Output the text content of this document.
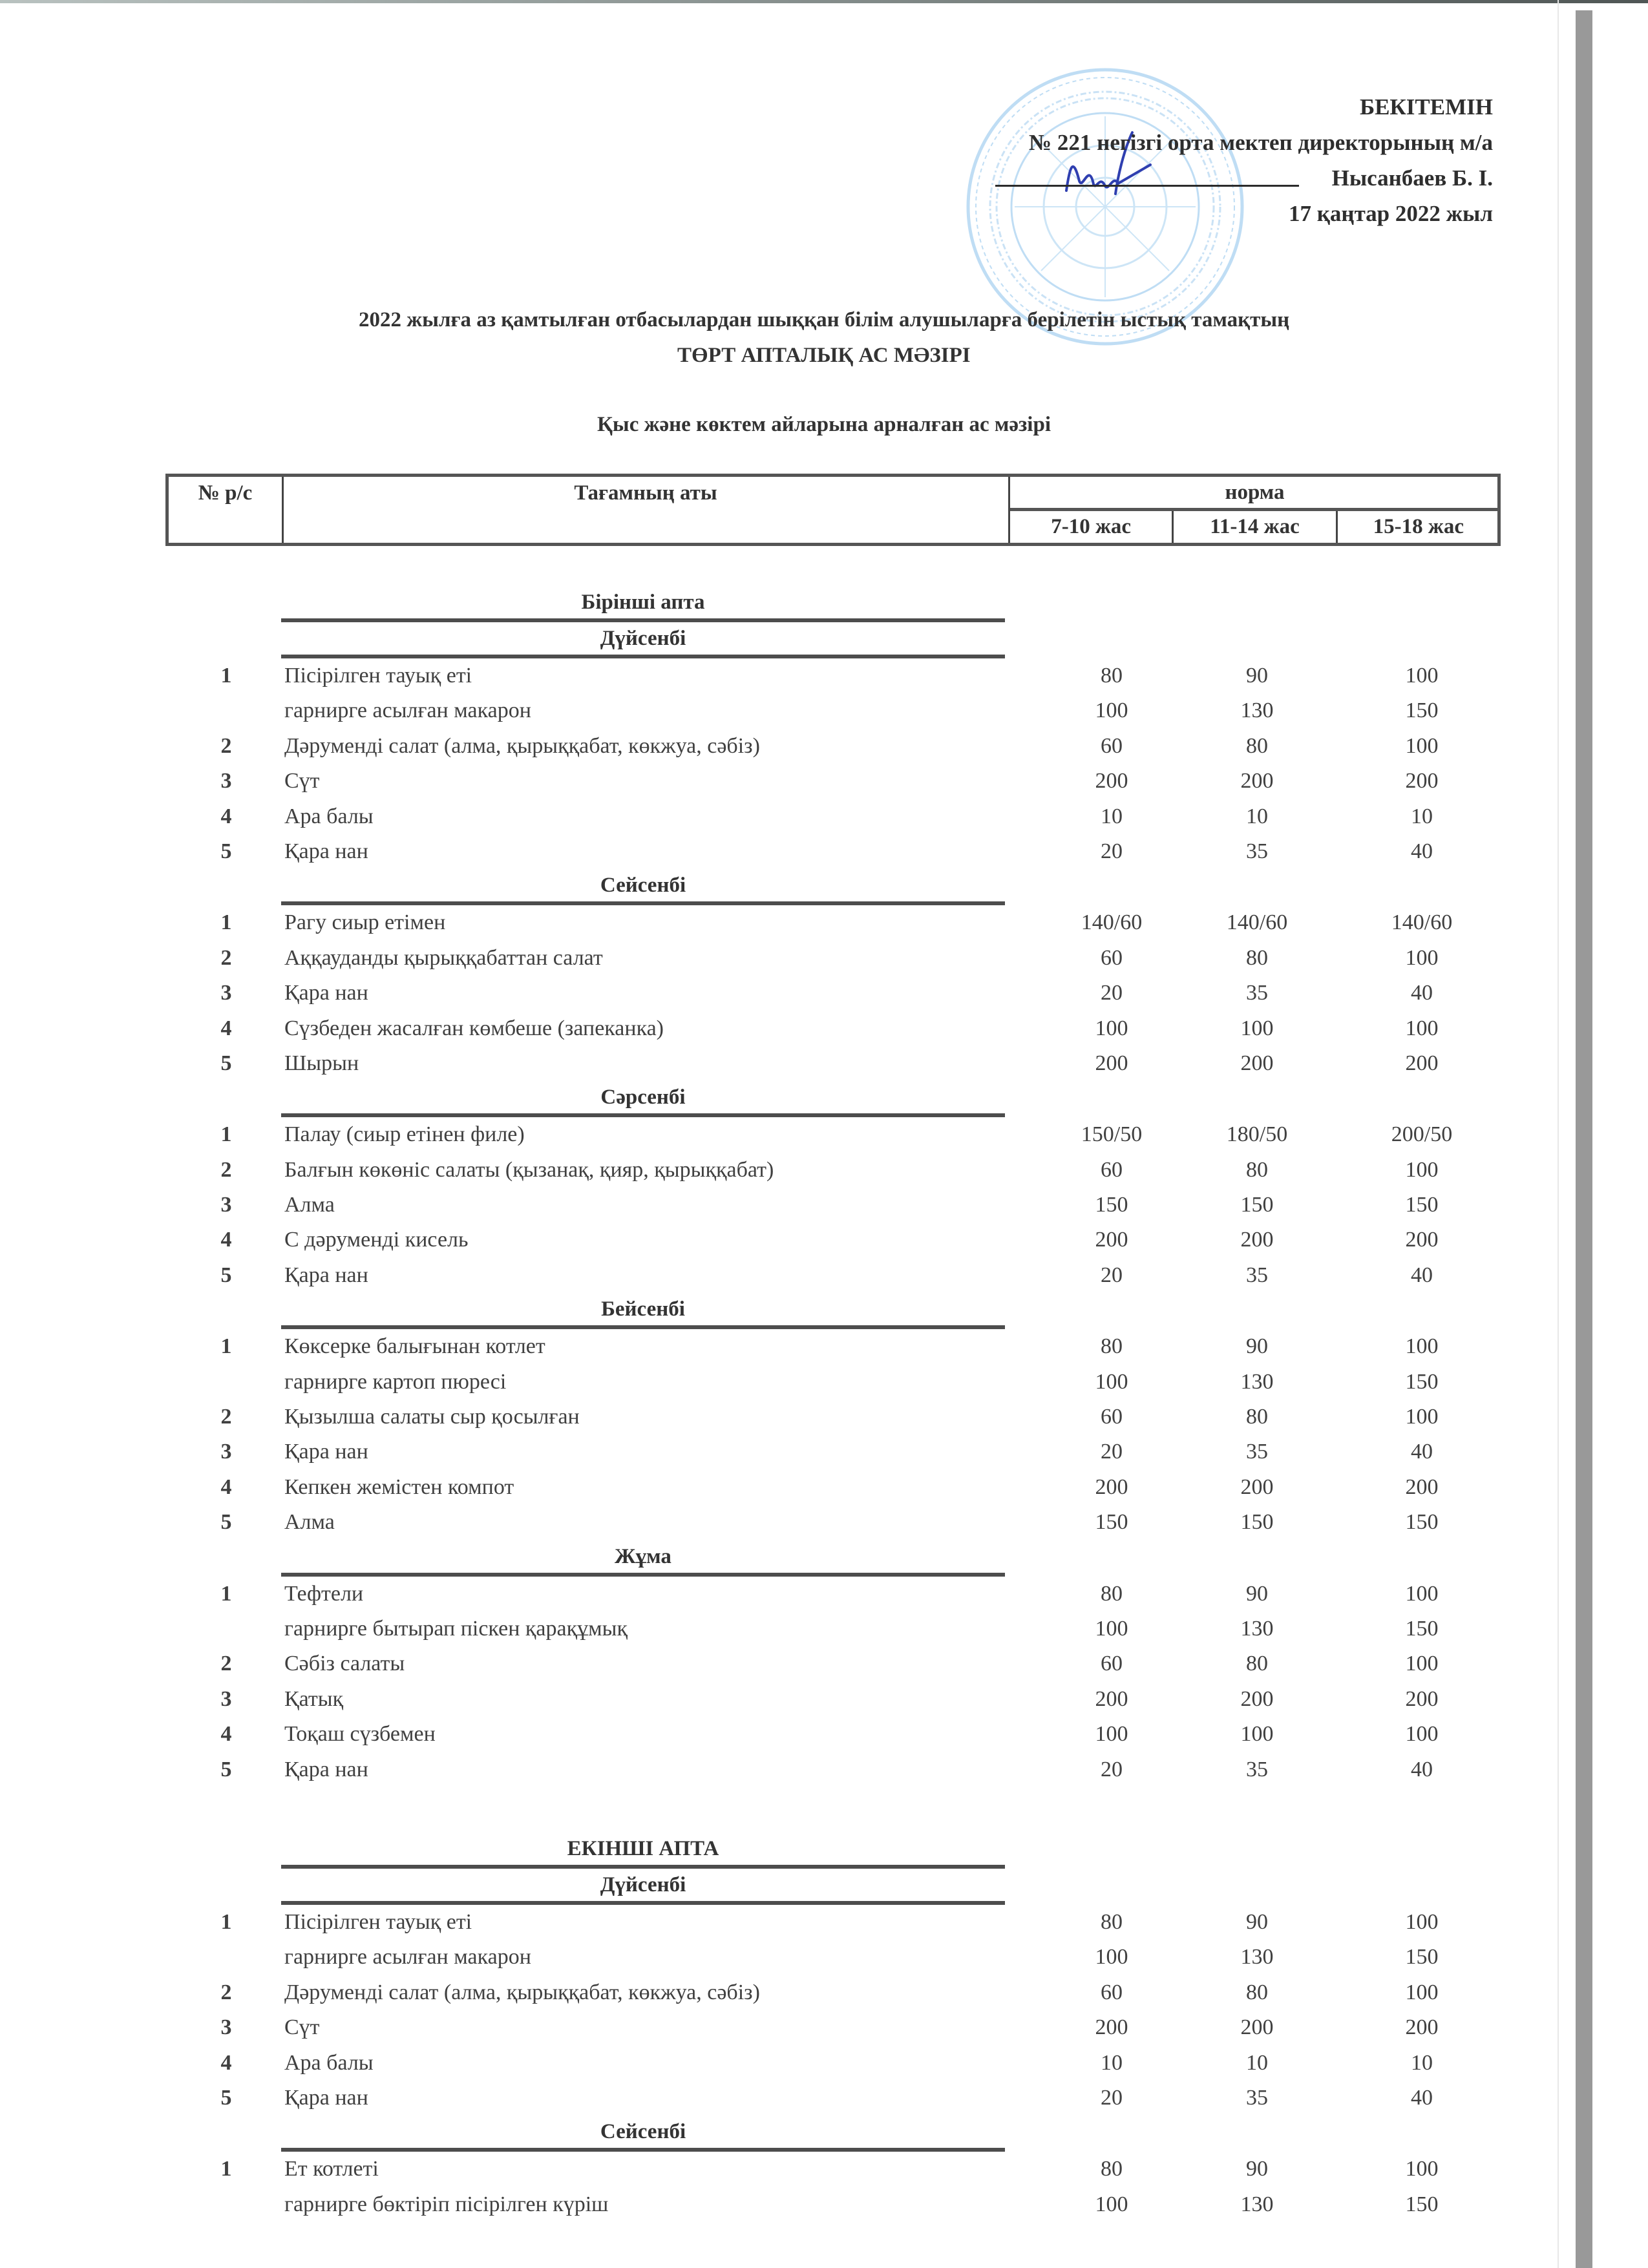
БЕКІТЕМІН
№ 221 негізгі орта мектеп директорының м/а
Нысанбаев Б. І.
17 қаңтар 2022 жыл
2022 жылға аз қамтылған отбасылардан шыққан білім алушыларға берілетін ыстық тамақтың
ТӨРТ АПТАЛЫҚ АС МӘЗІРІ
Қыс және көктем айларына арналған ас мәзірі
№ р/с	Тағамның аты	норма
7-10 жас	11-14 жас	15-18 жас
Бірінші апта
Дүйсенбі
1	Пісірілген тауық еті	80	90	100
гарнирге асылған макарон	100	130	150
2	Дәруменді салат (алма, қырыққабат, көкжуа, сәбіз)	60	80	100
3	Сүт	200	200	200
4	Ара балы	10	10	10
5	Қара нан	20	35	40
Сейсенбі
1	Рагу сиыр етімен	140/60	140/60	140/60
2	Аққауданды қырыққабаттан салат	60	80	100
3	Қара нан	20	35	40
4	Сүзбеден жасалған көмбеше (запеканка)	100	100	100
5	Шырын	200	200	200
Сәрсенбі
1	Палау (сиыр етінен филе)	150/50	180/50	200/50
2	Балғын көкөніс салаты (қызанақ, қияр, қырыққабат)	60	80	100
3	Алма	150	150	150
4	С дәруменді кисель	200	200	200
5	Қара нан	20	35	40
Бейсенбі
1	Көксерке балығынан котлет	80	90	100
гарнирге картоп пюресі	100	130	150
2	Қызылша салаты сыр қосылған	60	80	100
3	Қара нан	20	35	40
4	Кепкен жемістен компот	200	200	200
5	Алма	150	150	150
Жұма
1	Тефтели	80	90	100
гарнирге бытырап піскен қарақұмық	100	130	150
2	Сәбіз салаты	60	80	100
3	Қатық	200	200	200
4	Тоқаш сүзбемен	100	100	100
5	Қара нан	20	35	40
ЕКІНШІ АПТА
Дүйсенбі
1	Пісірілген тауық еті	80	90	100
гарнирге асылған макарон	100	130	150
2	Дәруменді салат (алма, қырыққабат, көкжуа, сәбіз)	60	80	100
3	Сүт	200	200	200
4	Ара балы	10	10	10
5	Қара нан	20	35	40
Сейсенбі
1	Ет котлеті	80	90	100
гарнирге бөктіріп пісірілген күріш	100	130	150
